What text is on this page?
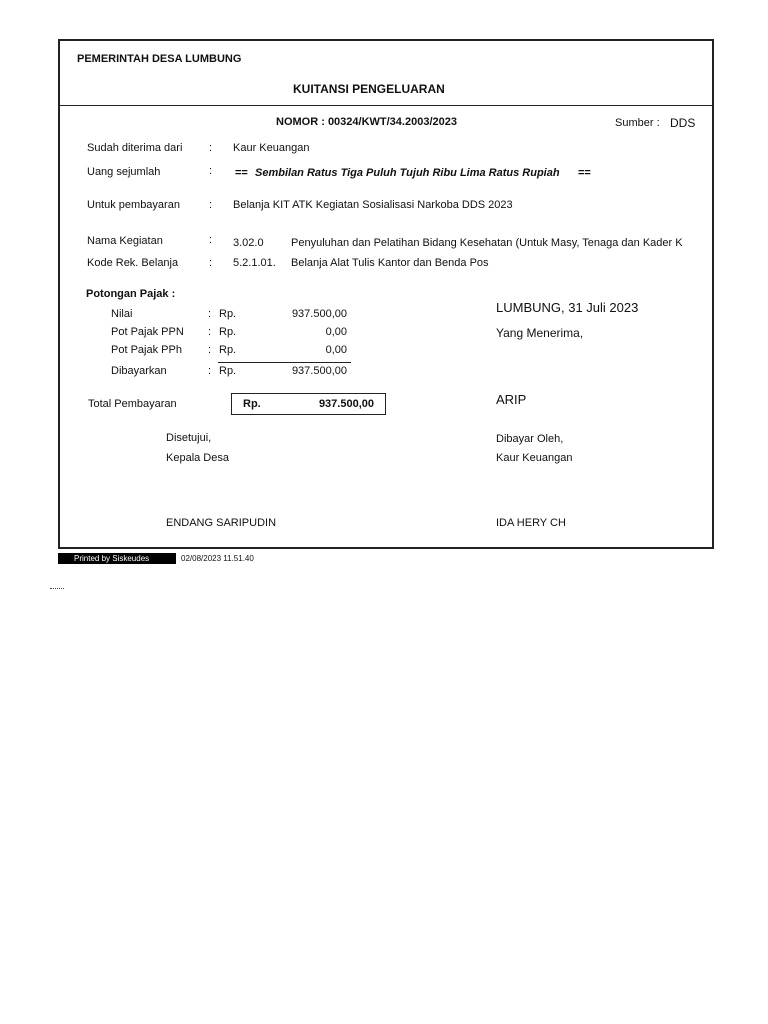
PEMERINTAH DESA LUMBUNG
KUITANSI PENGELUARAN
NOMOR : 00324/KWT/34.2003/2023	Sumber : DDS
Sudah diterima dari : Kaur Keuangan
Uang sejumlah	: == Sembilan Ratus Tiga Puluh Tujuh Ribu Lima Ratus Rupiah ==
Untuk pembayaran	: Belanja KIT ATK Kegiatan Sosialisasi Narkoba DDS 2023
Nama Kegiatan	: 3.02.0 Penyuluhan dan Pelatihan Bidang Kesehatan (Untuk Masy, Tenaga dan Kader K
Kode Rek. Belanja	: 5.2.1.01. Belanja Alat Tulis Kantor dan Benda Pos
Potongan Pajak :
Nilai	: Rp.	937.500,00
Pot Pajak PPN : Rp.	0,00
Pot Pajak PPh : Rp.	0,00
Dibayarkan	: Rp.	937.500,00
Total Pembayaran	Rp.	937.500,00
LUMBUNG, 31 Juli 2023
Yang Menerima,
ARIP
Disetujui,
Kepala Desa
ENDANG SARIPUDIN
Dibayar Oleh,
Kaur Keuangan
IDA HERY CH
Printed by Siskeudes	02/08/2023 11.51.40
